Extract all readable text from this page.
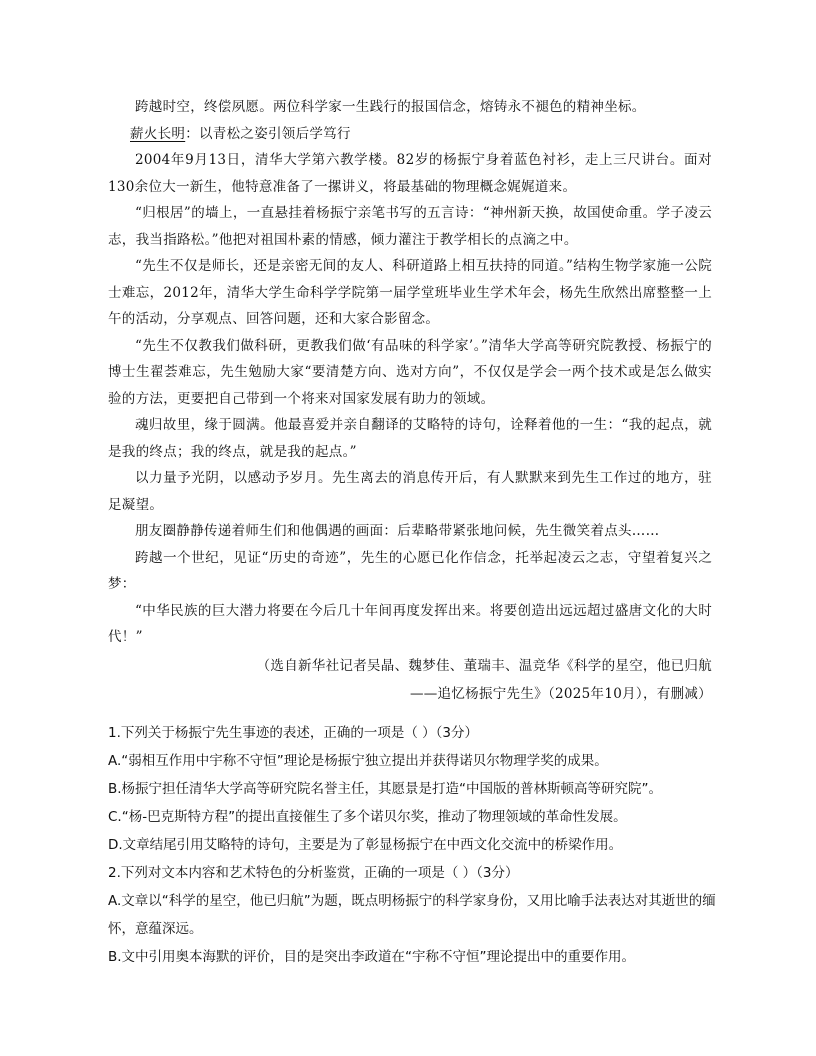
跨越时空，终偿夙愿。两位科学家一生践行的报国信念，熔铸永不褪色的精神坐标。

薪火长明：以青松之姿引领后学笃行

2004年9月13日，清华大学第六教学楼。82岁的杨振宁身着蓝色衬衫，走上三尺讲台。面对130余位大一新生，他特意准备了一摞讲义，将最基础的物理概念娓娓道来。

“归根居”的墙上，一直悬挂着杨振宁亲笔书写的五言诗：“神州新天换，故国使命重。学子凌云志，我当指路松。”他把对祖国朴素的情感，倾力灌注于教学相长的点滴之中。

“先生不仅是师长，还是亲密无间的友人、科研道路上相互扶持的同道。”结构生物学家施一公院士难忘，2012年，清华大学生命科学学院第一届学堂班毕业生学术年会，杨先生欣然出席整整一上午的活动，分享观点、回答问题，还和大家合影留念。

“先生不仅教我们做科研，更教我们做‘有品味的科学家’。”清华大学高等研究院教授、杨振宁的博士生翟荟难忘，先生勉励大家“要清楚方向、选对方向”，不仅仅是学会一两个技术或是怎么做实验的方法，更要把自己带到一个将来对国家发展有助力的领域。

魂归故里，缘于圆满。他最喜爱并亲自翻译的艾略特的诗句，诠释着他的一生：“我的起点，就是我的终点；我的终点，就是我的起点。”

以力量予光阴，以感动予岁月。先生离去的消息传开后，有人默默来到先生工作过的地方，驻足凝望。

朋友圈静静传递着师生们和他偶遇的画面：后辈略带紧张地问候，先生微笑着点头……

跨越一个世纪，见证“历史的奇迹”，先生的心愿已化作信念，托举起凌云之志，守望着复兴之梦：

“中华民族的巨大潜力将要在今后几十年间再度发挥出来。将要创造出远远超过盛唐文化的大时代！”

（选自新华社记者吴晶、魏梦佳、董瑞丰、温竞华《科学的星空，他已归航

——追忆杨振宁先生》（2025年10月），有删减）

1.下列关于杨振宁先生事迹的表述，正确的一项是（ ）（3分）

A.“弱相互作用中宇称不守恒”理论是杨振宁独立提出并获得诺贝尔物理学奖的成果。

B.杨振宁担任清华大学高等研究院名誉主任，其愿景是打造“中国版的普林斯顿高等研究院”。

C.“杨-巴克斯特方程”的提出直接催生了多个诺贝尔奖，推动了物理领域的革命性发展。

D.文章结尾引用艾略特的诗句，主要是为了彰显杨振宁在中西文化交流中的桥梁作用。

2.下列对文本内容和艺术特色的分析鉴赏，正确的一项是（ ）（3分）

A.文章以“科学的星空，他已归航”为题，既点明杨振宁的科学家身份，又用比喻手法表达对其逝世的缅怀，意蕴深远。

B.文中引用奥本海默的评价，目的是突出李政道在“宇称不守恒”理论提出中的重要作用。
